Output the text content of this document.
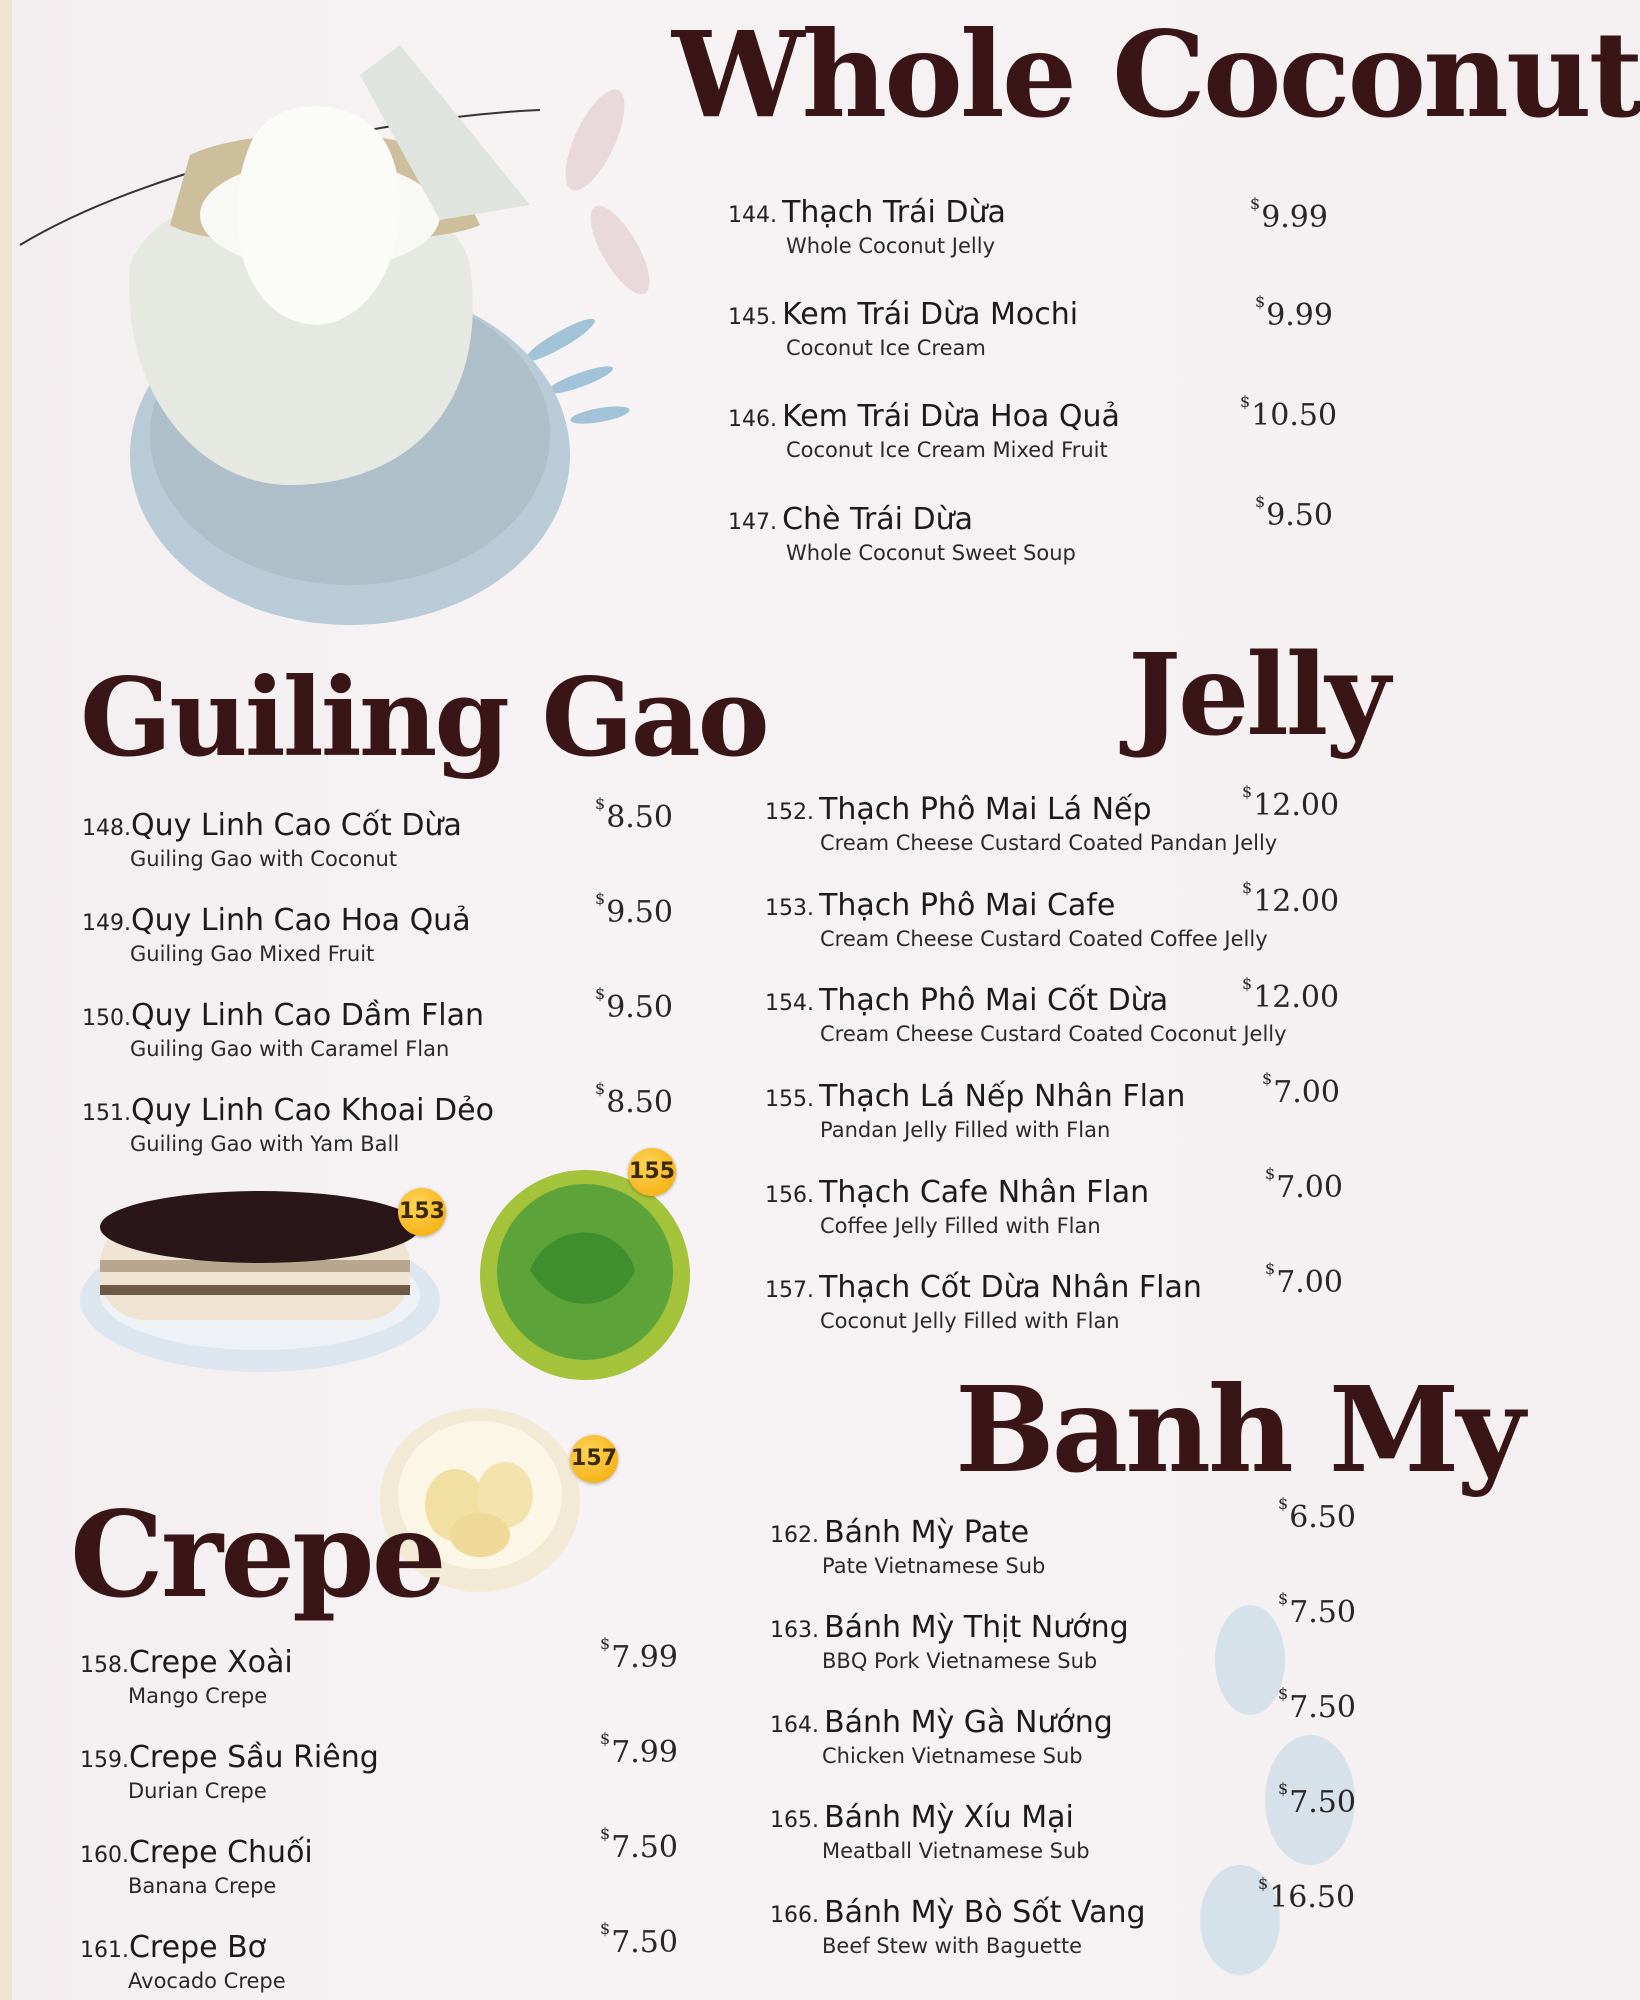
153
155
157
Whole Coconut
Guiling Gao	Jelly
Crepe
Banh My
144. Thạch Trái Dừa
Whole Coconut Jelly
$9.99
145. Kem Trái Dừa Mochi
Coconut Ice Cream
$9.99
146. Kem Trái Dừa Hoa Quả
Coconut Ice Cream Mixed Fruit
$10.50
147. Chè Trái Dừa
Whole Coconut Sweet Soup
$9.50
148.Quy Linh Cao Cốt Dừa
Guiling Gao with Coconut
$8.50
149.Quy Linh Cao Hoa Quả
Guiling Gao Mixed Fruit
$9.50
150.Quy Linh Cao Dầm Flan
Guiling Gao with Caramel Flan
$9.50
151.Quy Linh Cao Khoai Dẻo
Guiling Gao with Yam Ball
$8.50
152. Thạch Phô Mai Lá Nếp
Cream Cheese Custard Coated Pandan Jelly
$12.00
153. Thạch Phô Mai Cafe
Cream Cheese Custard Coated Coffee Jelly
$12.00
154. Thạch Phô Mai Cốt Dừa
Cream Cheese Custard Coated Coconut Jelly
$12.00
155. Thạch Lá Nếp Nhân Flan
Pandan Jelly Filled with Flan
$7.00
156. Thạch Cafe Nhân Flan
Coffee Jelly Filled with Flan
$7.00
157. Thạch Cốt Dừa Nhân Flan
Coconut Jelly Filled with Flan
$7.00
158.Crepe Xoài
Mango Crepe
$7.99
159.Crepe Sầu Riêng
Durian Crepe
$7.99
160.Crepe Chuối
Banana Crepe
$7.50
161.Crepe Bơ
Avocado Crepe
$7.50
162. Bánh Mỳ Pate
Pate Vietnamese Sub
$6.50
163. Bánh Mỳ Thịt Nướng
BBQ Pork Vietnamese Sub
$7.50
164. Bánh Mỳ Gà Nướng
Chicken Vietnamese Sub
$7.50
165. Bánh Mỳ Xíu Mại
Meatball Vietnamese Sub
$7.50
166. Bánh Mỳ Bò Sốt Vang
Beef Stew with Baguette
$16.50
